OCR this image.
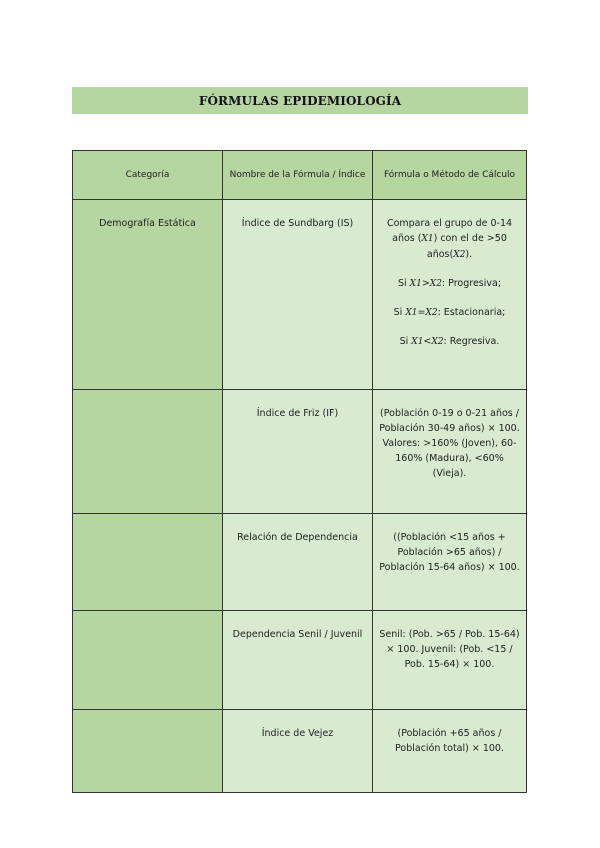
FÓRMULAS EPIDEMIOLOGÍA
Categoría	Nombre de la Fórmula / Índice	Fórmula o Método de Cálculo
Demografía Estática	Índice de Sundbarg (IS)	Compara el grupo de 0-14 años (X1) con el de >50 años(X2).

Si X1>X2: Progresiva;

Si X1=X2: Estacionaria;

Si X1<X2: Regresiva.

	Índice de Friz (IF)	(Población 0-19 o 0-21 años / Población 30-49 años) × 100. Valores: >160% (Joven), 60-160% (Madura), <60% (Vieja).
	Relación de Dependencia	((Población <15 años + Población >65 años) / Población 15-64 años) × 100.
	Dependencia Senil / Juvenil	Senil: (Pob. >65 / Pob. 15-64) × 100. Juvenil: (Pob. <15 / Pob. 15-64) × 100.
	Índice de Vejez	(Población +65 años / Población total) × 100.
